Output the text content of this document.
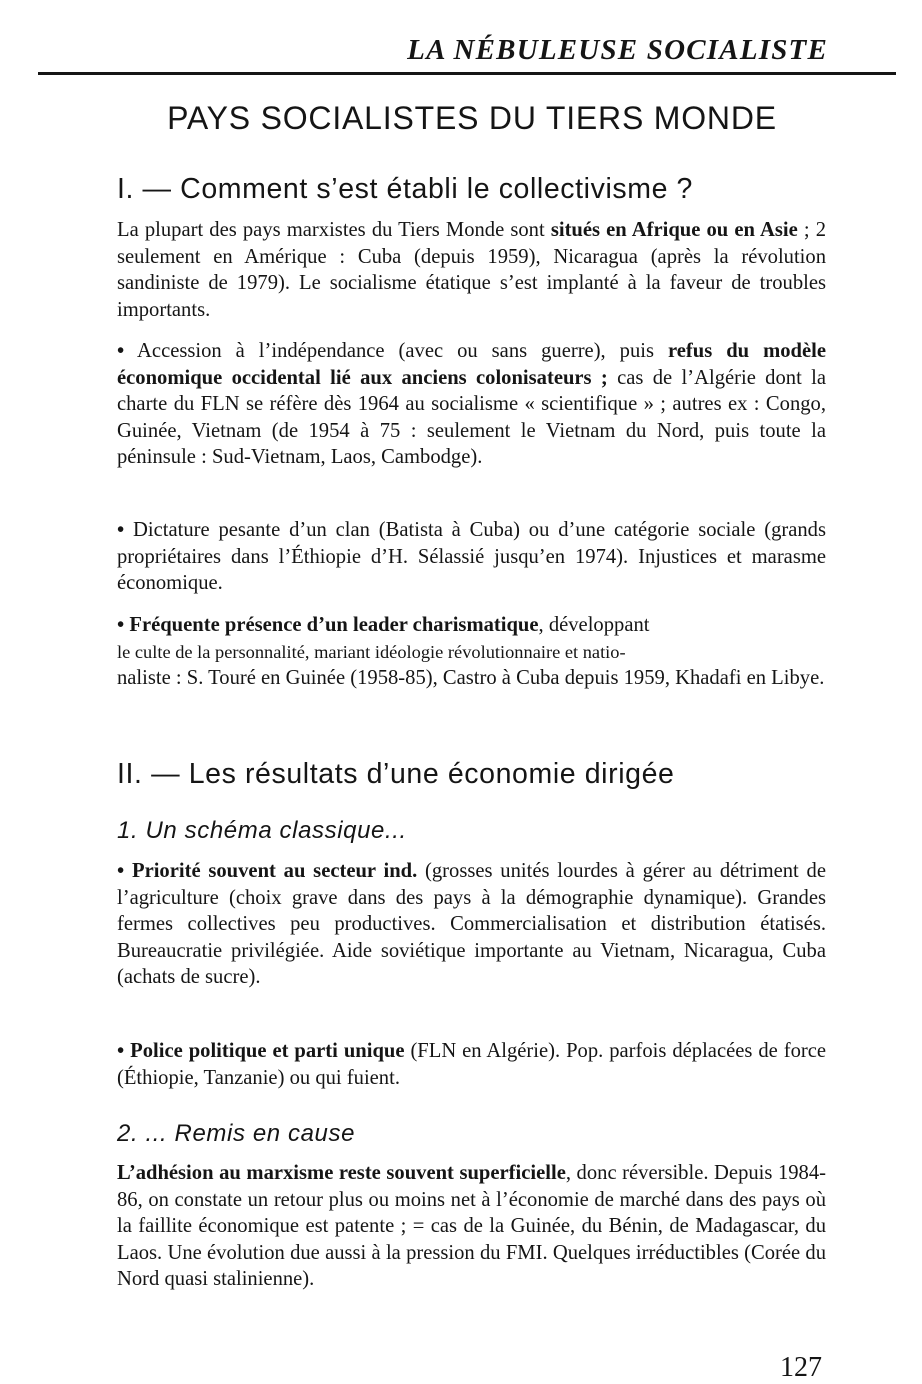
LA NÉBULEUSE SOCIALISTE
PAYS SOCIALISTES DU TIERS MONDE
I. — Comment s’est établi le collectivisme ?

La plupart des pays marxistes du Tiers Monde sont situés en Afrique ou en Asie ; 2 seulement en Amérique : Cuba (depuis 1959), Nicaragua (après la révolution sandiniste de 1979). Le socialisme étatique s’est implanté à la faveur de troubles importants.

• Accession à l’indépendance (avec ou sans guerre), puis refus du modèle économique occidental lié aux anciens colonisateurs ; cas de l’Algérie dont la charte du FLN se réfère dès 1964 au socialisme « scientifique » ; autres ex : Congo, Guinée, Vietnam (de 1954 à 75 : seulement le Vietnam du Nord, puis toute la péninsule : Sud-Vietnam, Laos, Cambodge).

• Dictature pesante d’un clan (Batista à Cuba) ou d’une catégorie sociale (grands propriétaires dans l’Éthiopie d’H. Sélassié jusqu’en 1974). Injustices et marasme économique.

• Fréquente présence d’un leader charismatique, développant
le culte de la personnalité, mariant idéologie révolutionnaire et natio-
naliste : S. Touré en Guinée (1958-85), Castro à Cuba depuis 1959, Khadafi en Libye.

II. — Les résultats d’une économie dirigée
1. Un schéma classique...

• Priorité souvent au secteur ind. (grosses unités lourdes à gérer au détriment de l’agriculture (choix grave dans des pays à la démographie dynamique). Grandes fermes collectives peu productives. Commercialisation et distribution étatisés. Bureaucratie privilégiée. Aide soviétique importante au Vietnam, Nicaragua, Cuba (achats de sucre).

• Police politique et parti unique (FLN en Algérie). Pop. parfois déplacées de force (Éthiopie, Tanzanie) ou qui fuient.

2. ... Remis en cause

L’adhésion au marxisme reste souvent superficielle, donc réversible. Depuis 1984-86, on constate un retour plus ou moins net à l’économie de marché dans des pays où la faillite économique est patente ; = cas de la Guinée, du Bénin, de Madagascar, du Laos. Une évolution due aussi à la pression du FMI. Quelques irréductibles (Corée du Nord quasi stalinienne).

127
